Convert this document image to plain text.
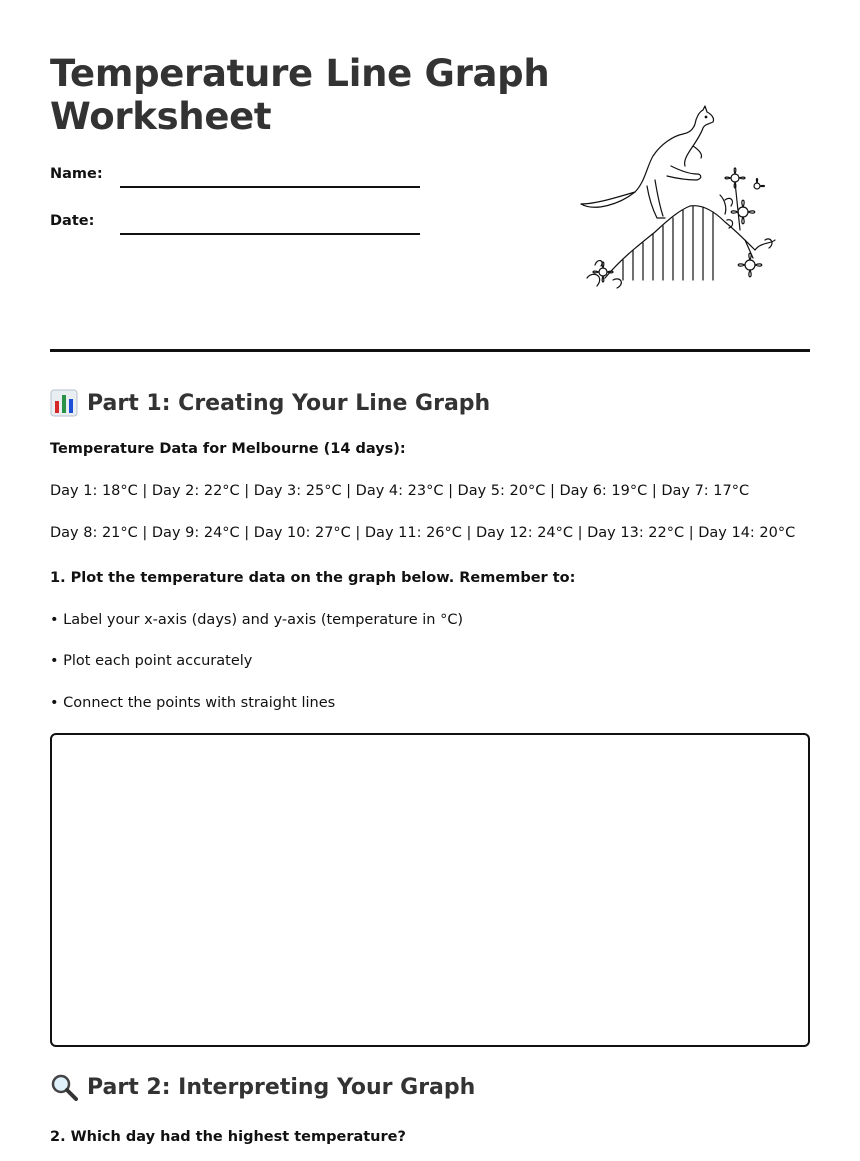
Temperature Line Graph Worksheet
Name:
Date:
Part 1: Creating Your Line Graph
Temperature Data for Melbourne (14 days):
Day 1: 18°C | Day 2: 22°C | Day 3: 25°C | Day 4: 23°C | Day 5: 20°C | Day 6: 19°C | Day 7: 17°C
Day 8: 21°C | Day 9: 24°C | Day 10: 27°C | Day 11: 26°C | Day 12: 24°C | Day 13: 22°C | Day 14: 20°C
1. Plot the temperature data on the graph below. Remember to:
• Label your x-axis (days) and y-axis (temperature in °C)
• Plot each point accurately
• Connect the points with straight lines
Part 2: Interpreting Your Graph
2. Which day had the highest temperature?
